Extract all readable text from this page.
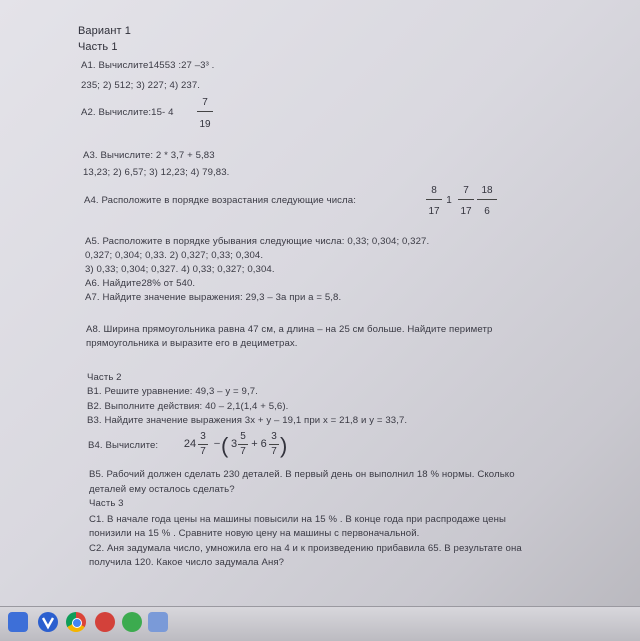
Вариант 1
Часть 1
А1. Вычислите14553 :27 –3³ .
235; 2) 512; 3) 227; 4) 237.
А2. Вычислите:15- 4
7
19
А3. Вычислите: 2 * 3,7 + 5,83
13,23; 2) 6,57; 3) 12,23; 4) 79,83.
А4. Расположите в порядке возрастания следующие числа:
8
17
1
7
17
18
6
А5. Расположите в порядке убывания следующие числа: 0,33; 0,304; 0,327.
0,327; 0,304; 0,33. 2) 0,327; 0,33; 0,304.
3) 0,33; 0,304; 0,327. 4) 0,33; 0,327; 0,304.
А6. Найдите28% от 540.
А7. Найдите значение выражения: 29,3 – 3а при а = 5,8.
А8. Ширина прямоугольника равна 47 см, а длина – на 25 см больше. Найдите периметр
прямоугольника и выразите его в дециметрах.
Часть 2
В1. Решите уравнение: 49,3 – y = 9,7.
В2. Выполните действия: 40 – 2,1(1,4 + 5,6).
В3. Найдите значение выражения 3х + у – 19,1 при х = 21,8 и у = 33,7.
В4. Вычислите: 24
3
7
– ( 3
5
7
+ 6
3
7 )
В5. Рабочий должен сделать 230 деталей. В первый день он выполнил 18 % нормы. Сколько
деталей ему осталось сделать?
Часть 3
С1. В начале года цены на машины повысили на 15 % . В конце года при распродаже цены
понизили на 15 % . Сравните новую цену на машины с первоначальной.
С2. Аня задумала число, умножила его на 4 и к произведению прибавила 65. В результате она
получила 120. Какое число задумала Аня?
